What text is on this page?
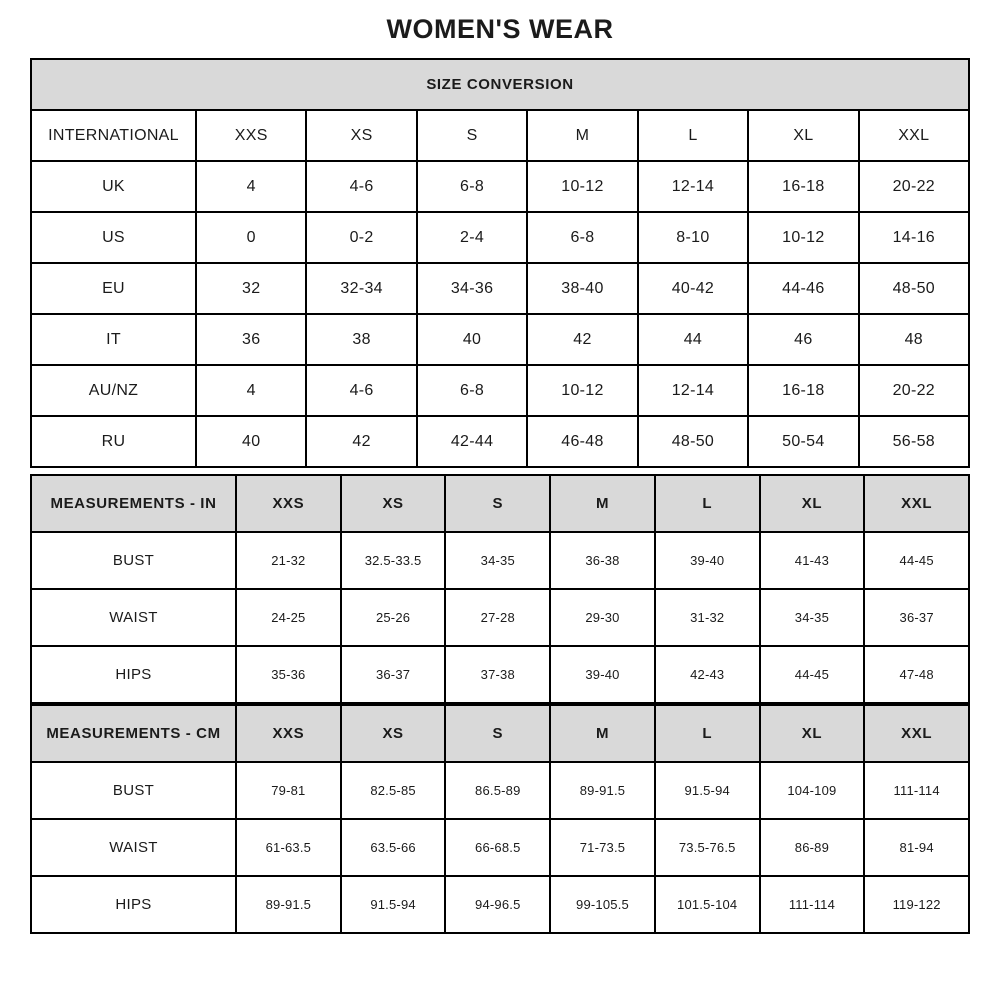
WOMEN'S WEAR
SIZE CONVERSION
INTERNATIONAL	XXS	XS	S	M	L	XL	XXL
UK	4	4-6	6-8	10-12	12-14	16-18	20-22
US	0	0-2	2-4	6-8	8-10	10-12	14-16
EU	32	32-34	34-36	38-40	40-42	44-46	48-50
IT	36	38	40	42	44	46	48
AU/NZ	4	4-6	6-8	10-12	12-14	16-18	20-22
RU	40	42	42-44	46-48	48-50	50-54	56-58
MEASUREMENTS - IN	XXS	XS	S	M	L	XL	XXL
BUST	21-32	32.5-33.5	34-35	36-38	39-40	41-43	44-45
WAIST	24-25	25-26	27-28	29-30	31-32	34-35	36-37
HIPS	35-36	36-37	37-38	39-40	42-43	44-45	47-48
MEASUREMENTS - CM	XXS	XS	S	M	L	XL	XXL
BUST	79-81	82.5-85	86.5-89	89-91.5	91.5-94	104-109	111-114
WAIST	61-63.5	63.5-66	66-68.5	71-73.5	73.5-76.5	86-89	81-94
HIPS	89-91.5	91.5-94	94-96.5	99-105.5	101.5-104	111-114	119-122
